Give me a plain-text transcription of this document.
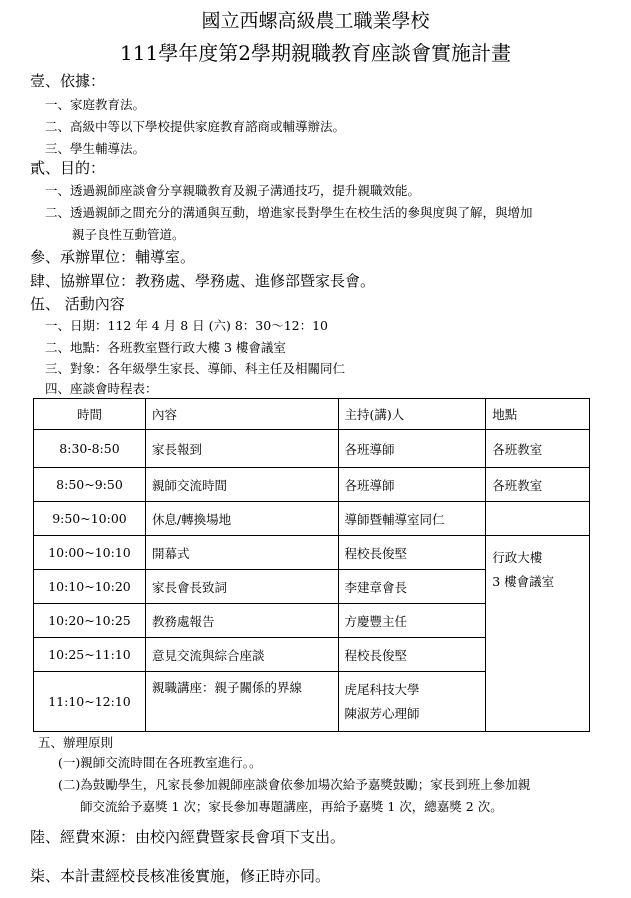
國立西螺高級農工職業學校
111學年度第2學期親職教育座談會實施計畫
壹、依據：
一、家庭教育法。
二、高級中等以下學校提供家庭教育諮商或輔導辦法。
三、學生輔導法。
貳、目的：
一、透過親師座談會分享親職教育及親子溝通技巧，提升親職效能。
二、透過親師之間充分的溝通與互動，增進家長對學生在校生活的參與度與了解，與增加
親子良性互動管道。
參、承辦單位：輔導室。
肆、協辦單位：教務處、學務處、進修部暨家長會。
伍、 活動內容
一、日期：112 年 4 月 8 日 (六) 8：30～12：10
二、地點：各班教室暨行政大樓 3 樓會議室
三、對象：各年級學生家長、導師、科主任及相關同仁
四、座談會時程表：
時間	內容	主持(講)人	地點
8:30-8:50	家長報到	各班導師	各班教室
8:50~9:50	親師交流時間	各班導師	各班教室
9:50~10:00	休息/轉換場地	導師暨輔導室同仁	
10:00~10:10	開幕式	程校長俊堅	行政大樓
3 樓會議室

10:10~10:20	家長會長致詞	李建章會長	
10:20~10:25	教務處報告	方慶豐主任	
10:25~11:10	意見交流與綜合座談	程校長俊堅	
11:10~12:10	親職講座：親子關係的界線	虎尾科技大學
陳淑芳心理師	
五、辦理原則
(一)親師交流時間在各班教室進行。。
(二)為鼓勵學生，凡家長參加親師座談會依參加場次給予嘉獎鼓勵；家長到班上參加親
師交流給予嘉獎 1 次；家長參加專題講座，再給予嘉獎 1 次，總嘉獎 2 次。
陸、經費來源：由校內經費暨家長會項下支出。
柒、本計畫經校長核准後實施，修正時亦同。
